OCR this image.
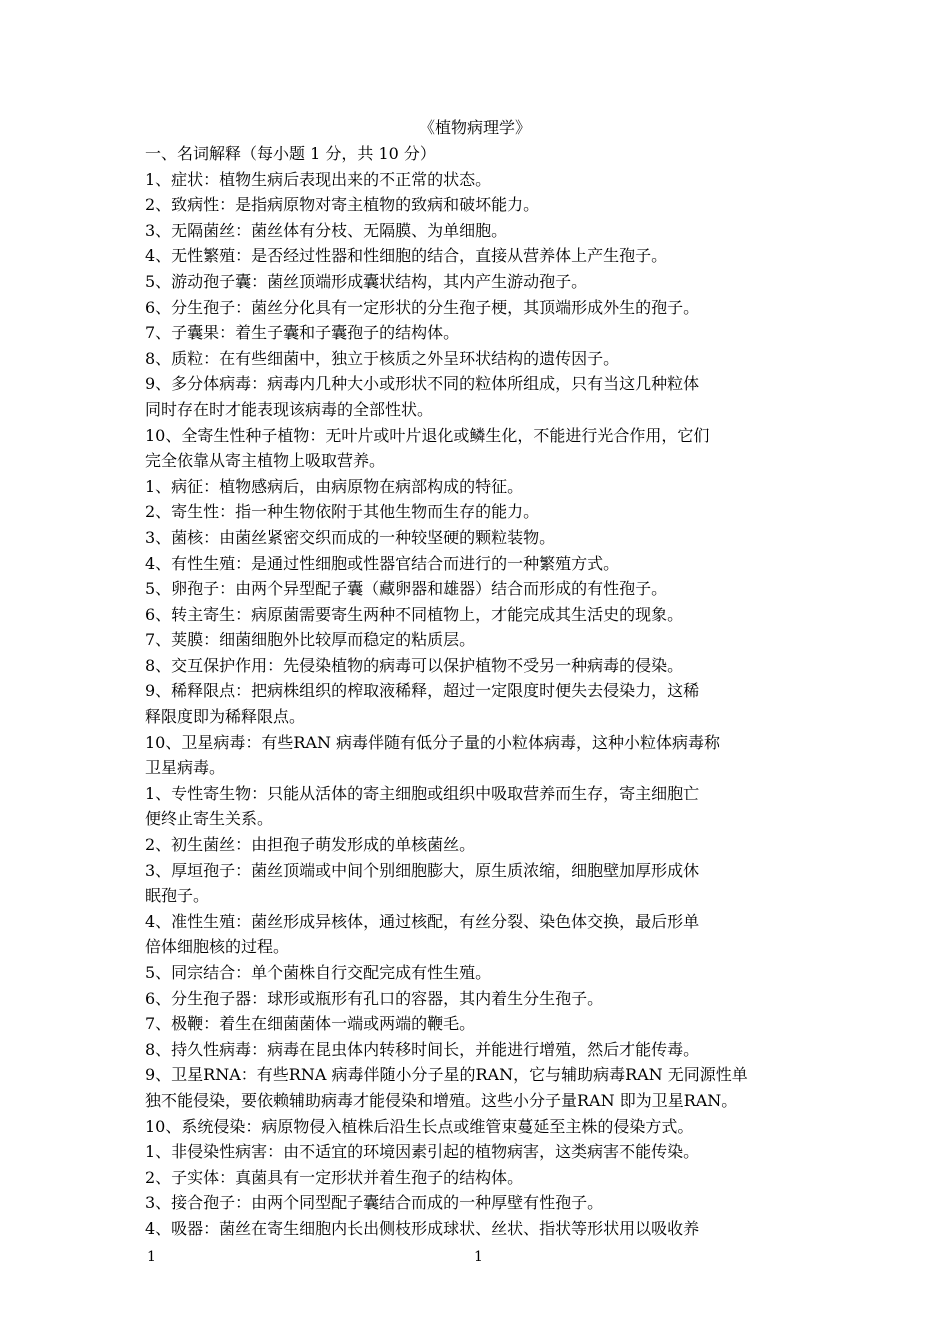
《植物病理学》
一、名词解释（每小题 1 分，共 10 分）
1、症状：植物生病后表现出来的不正常的状态。
2、致病性：是指病原物对寄主植物的致病和破坏能力。
3、无隔菌丝：菌丝体有分枝、无隔膜、为单细胞。
4、无性繁殖：是否经过性器和性细胞的结合，直接从营养体上产生孢子。
5、游动孢子囊：菌丝顶端形成囊状结构，其内产生游动孢子。
6、分生孢子：菌丝分化具有一定形状的分生孢子梗，其顶端形成外生的孢子。
7、子囊果：着生子囊和子囊孢子的结构体。
8、质粒：在有些细菌中，独立于核质之外呈环状结构的遗传因子。
9、多分体病毒：病毒内几种大小或形状不同的粒体所组成，只有当这几种粒体
同时存在时才能表现该病毒的全部性状。
10、全寄生性种子植物：无叶片或叶片退化或鳞生化，不能进行光合作用，它们
完全依靠从寄主植物上吸取营养。
1、病征：植物感病后，由病原物在病部构成的特征。
2、寄生性：指一种生物依附于其他生物而生存的能力。
3、菌核：由菌丝紧密交织而成的一种较坚硬的颗粒装物。
4、有性生殖：是通过性细胞或性器官结合而进行的一种繁殖方式。
5、卵孢子：由两个异型配子囊（藏卵器和雄器）结合而形成的有性孢子。
6、转主寄生：病原菌需要寄生两种不同植物上，才能完成其生活史的现象。
7、荚膜：细菌细胞外比较厚而稳定的粘质层。
8、交互保护作用：先侵染植物的病毒可以保护植物不受另一种病毒的侵染。
9、稀释限点：把病株组织的榨取液稀释，超过一定限度时便失去侵染力，这稀
释限度即为稀释限点。
10、卫星病毒：有些RAN 病毒伴随有低分子量的小粒体病毒，这种小粒体病毒称
卫星病毒。
1、专性寄生物：只能从活体的寄主细胞或组织中吸取营养而生存，寄主细胞亡
便终止寄生关系。
2、初生菌丝：由担孢子萌发形成的单核菌丝。
3、厚垣孢子：菌丝顶端或中间个别细胞膨大，原生质浓缩，细胞壁加厚形成休
眠孢子。
4、准性生殖：菌丝形成异核体，通过核配，有丝分裂、染色体交换，最后形单
倍体细胞核的过程。
5、同宗结合：单个菌株自行交配完成有性生殖。
6、分生孢子器：球形或瓶形有孔口的容器，其内着生分生孢子。
7、极鞭：着生在细菌菌体一端或两端的鞭毛。
8、持久性病毒：病毒在昆虫体内转移时间长，并能进行增殖，然后才能传毒。
9、卫星RNA：有些RNA 病毒伴随小分子星的RAN，它与辅助病毒RAN 无同源性单
独不能侵染，要依赖辅助病毒才能侵染和增殖。这些小分子量RAN 即为卫星RAN。
10、系统侵染：病原物侵入植株后沿生长点或维管束蔓延至主株的侵染方式。
1、非侵染性病害：由不适宜的环境因素引起的植物病害，这类病害不能传染。
2、子实体：真菌具有一定形状并着生孢子的结构体。
3、接合孢子：由两个同型配子囊结合而成的一种厚壁有性孢子。
4、吸器：菌丝在寄生细胞内长出侧枝形成球状、丝状、指状等形状用以吸收养
1	1
